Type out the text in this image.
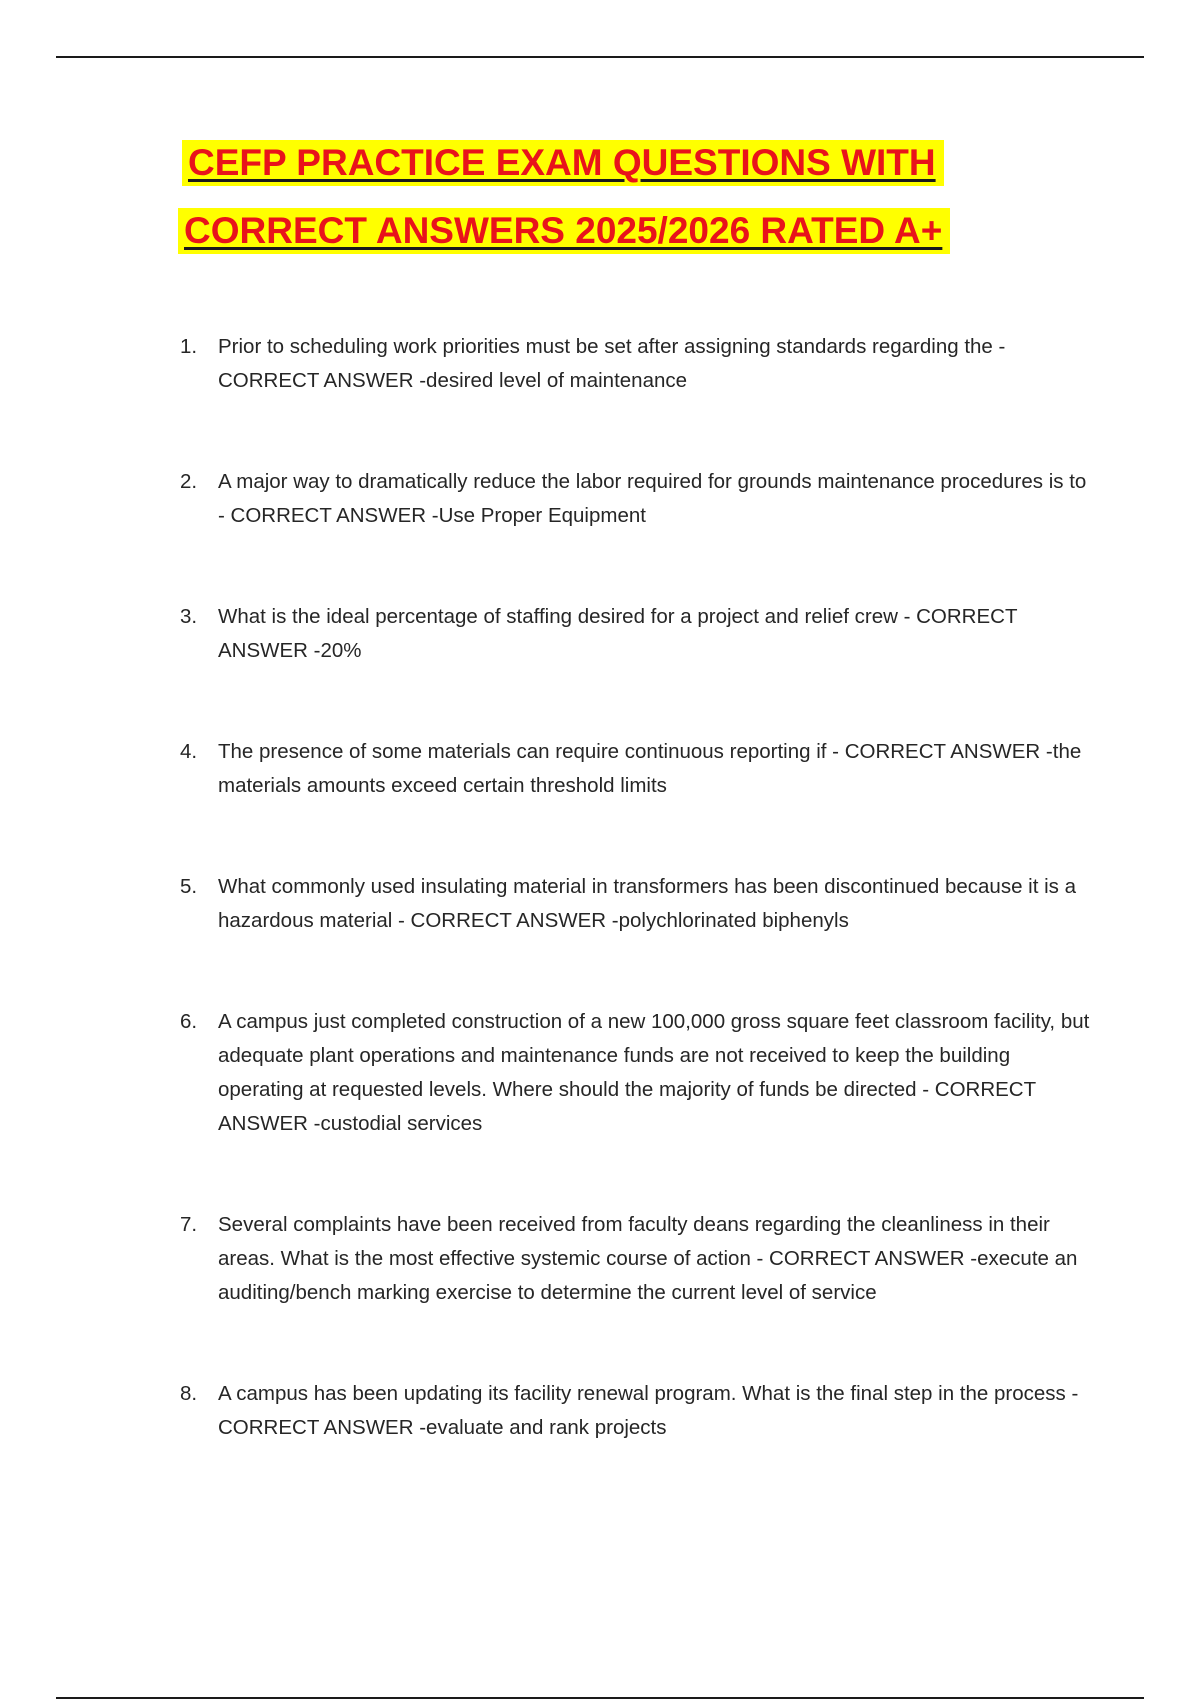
CEFP PRACTICE EXAM QUESTIONS WITH
CORRECT ANSWERS 2025/2026 RATED A+
1. Prior to scheduling work priorities must be set after assigning standards regarding the - CORRECT ANSWER -desired level of maintenance
2. A major way to dramatically reduce the labor required for grounds maintenance procedures is to - CORRECT ANSWER -Use Proper Equipment
3. What is the ideal percentage of staffing desired for a project and relief crew - CORRECT ANSWER -20%
4. The presence of some materials can require continuous reporting if - CORRECT ANSWER -the materials amounts exceed certain threshold limits
5. What commonly used insulating material in transformers has been discontinued because it is a hazardous material - CORRECT ANSWER -polychlorinated biphenyls
6. A campus just completed construction of a new 100,000 gross square feet classroom facility, but adequate plant operations and maintenance funds are not received to keep the building operating at requested levels. Where should the majority of funds be directed - CORRECT ANSWER -custodial services
7. Several complaints have been received from faculty deans regarding the cleanliness in their areas. What is the most effective systemic course of action - CORRECT ANSWER -execute an auditing/bench marking exercise to determine the current level of service
8. A campus has been updating its facility renewal program. What is the final step in the process - CORRECT ANSWER -evaluate and rank projects
